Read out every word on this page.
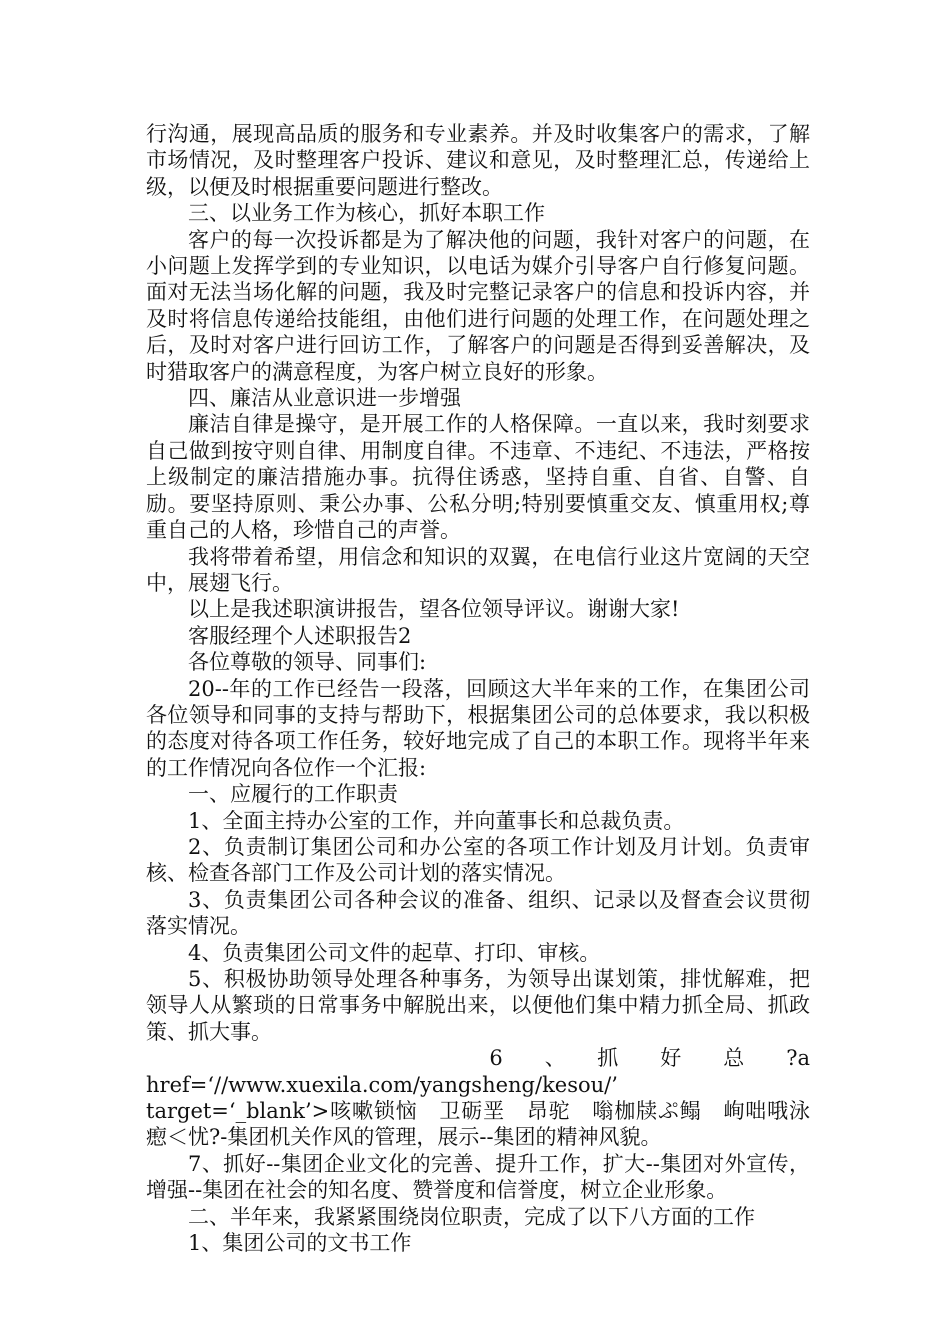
行沟通，展现高品质的服务和专业素养。并及时收集客户的需求，了解市场情况，及时整理客户投诉、建议和意见，及时整理汇总，传递给上级，以便及时根据重要问题进行整改。

三、以业务工作为核心，抓好本职工作

客户的每一次投诉都是为了解决他的问题，我针对客户的问题，在小问题上发挥学到的专业知识，以电话为媒介引导客户自行修复问题。面对无法当场化解的问题，我及时完整记录客户的信息和投诉内容，并及时将信息传递给技能组，由他们进行问题的处理工作，在问题处理之后，及时对客户进行回访工作，了解客户的问题是否得到妥善解决，及时猎取客户的满意程度，为客户树立良好的形象。

四、廉洁从业意识进一步增强

廉洁自律是操守，是开展工作的人格保障。一直以来，我时刻要求自己做到按守则自律、用制度自律。不违章、不违纪、不违法，严格按上级制定的廉洁措施办事。抗得住诱惑，坚持自重、自省、自警、自励。要坚持原则、秉公办事、公私分明;特别要慎重交友、慎重用权;尊重自己的人格，珍惜自己的声誉。

我将带着希望，用信念和知识的双翼，在电信行业这片宽阔的天空中，展翅飞行。

以上是我述职演讲报告，望各位领导评议。谢谢大家!

客服经理个人述职报告2

各位尊敬的领导、同事们:

20--年的工作已经告一段落，回顾这大半年来的工作，在集团公司各位领导和同事的支持与帮助下，根据集团公司的总体要求，我以积极的态度对待各项工作任务，较好地完成了自己的本职工作。现将半年来的工作情况向各位作一个汇报:

一、应履行的工作职责

1、全面主持办公室的工作，并向董事长和总裁负责。

2、负责制订集团公司和办公室的各项工作计划及月计划。负责审核、检查各部门工作及公司计划的落实情况。

3、负责集团公司各种会议的准备、组织、记录以及督查会议贯彻落实情况。

4、负责集团公司文件的起草、打印、审核。

5、积极协助领导处理各种事务，为领导出谋划策，排忧解难，把领导人从繁琐的日常事务中解脱出来，以便他们集中精力抓全局、抓政策、抓大事。

　　　　　　6　　、　　抓　　好　　总　　?a

href=‘//www.xuexila.com/yangsheng/kesou/’

target=‘_blank’>咳嗽锁恼　卫砺垩　昂驼　嗡枷牍ぷ鳎　峋咄哦泳　瘛＜忧?-集团机关作风的管理，展示--集团的精神风貌。

7、抓好--集团企业文化的完善、提升工作，扩大--集团对外宣传，增强--集团在社会的知名度、赞誉度和信誉度，树立企业形象。

二、半年来，我紧紧围绕岗位职责，完成了以下八方面的工作

1、集团公司的文书工作
